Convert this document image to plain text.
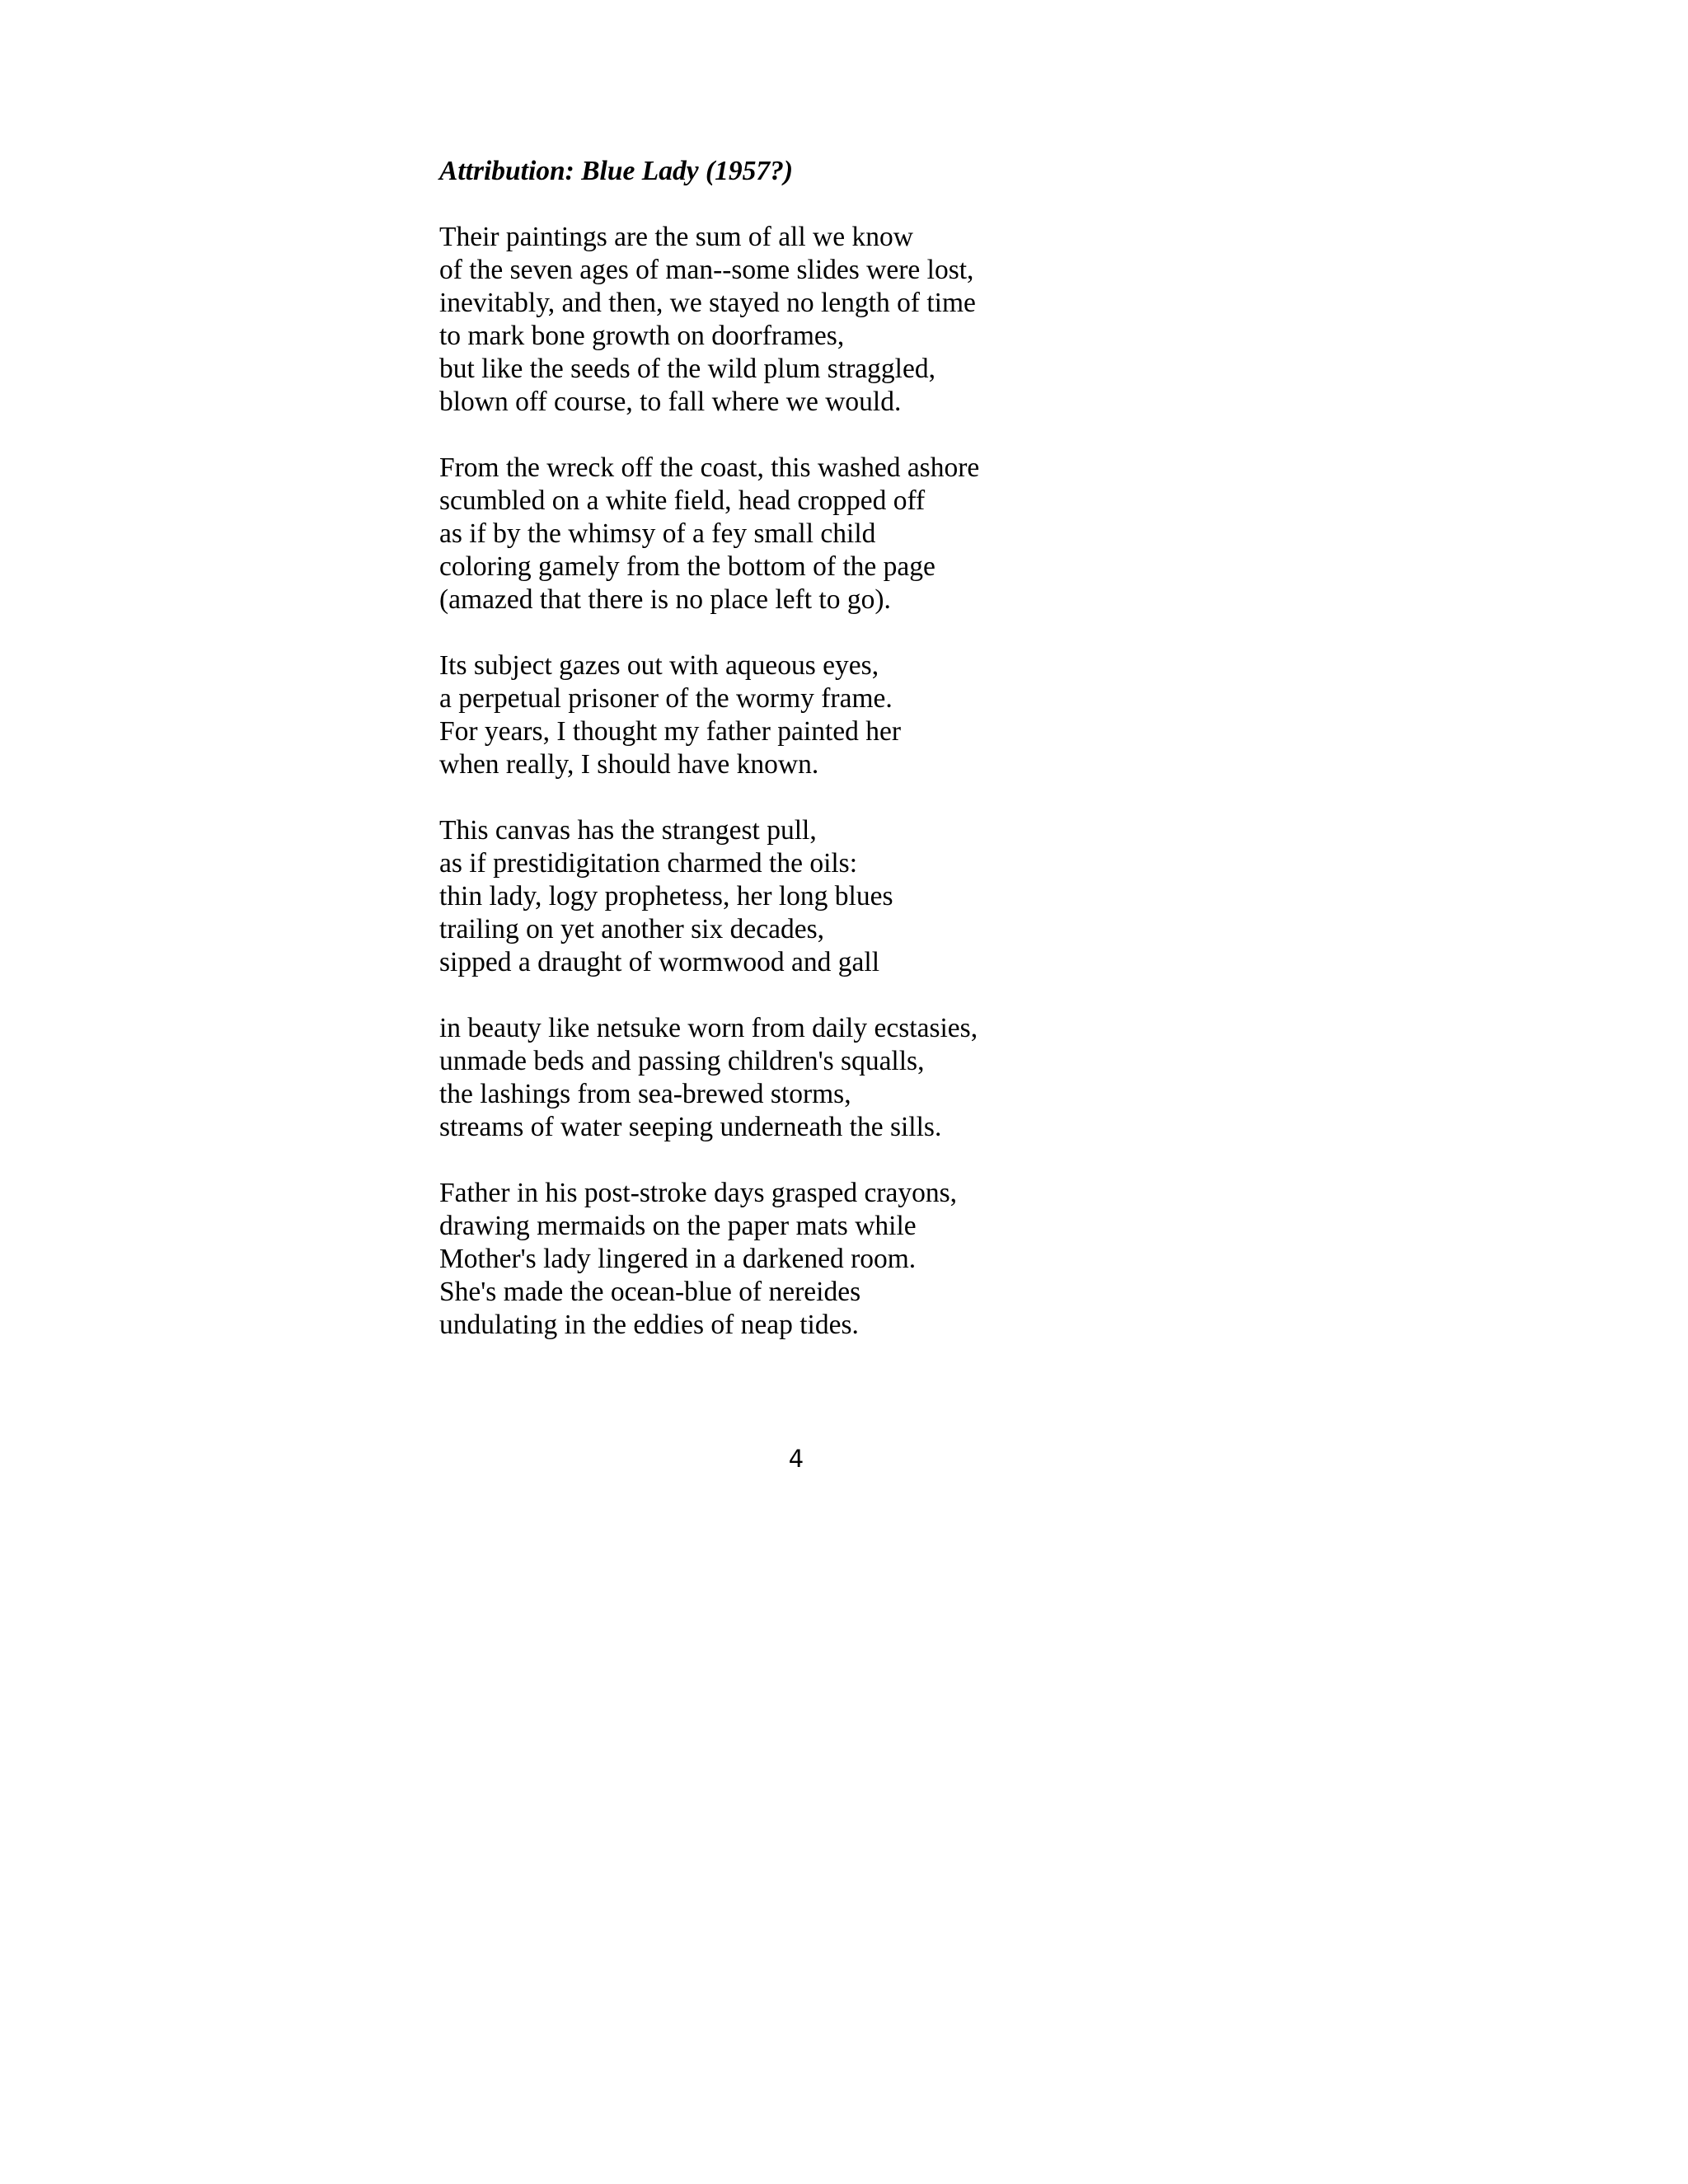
Attribution: Blue Lady (1957?)
Their paintings are the sum of all we know
of the seven ages of man--some slides were lost,
inevitably, and then, we stayed no length of time
to mark bone growth on doorframes,
but like the seeds of the wild plum straggled,
blown off course, to fall where we would.
From the wreck off the coast, this washed ashore
scumbled on a white field, head cropped off
as if by the whimsy of a fey small child
coloring gamely from the bottom of the page
(amazed that there is no place left to go).
Its subject gazes out with aqueous eyes,
a perpetual prisoner of the wormy frame.
For years, I thought my father painted her
when really, I should have known.
This canvas has the strangest pull,
as if prestidigitation charmed the oils:
thin lady, logy prophetess, her long blues
trailing on yet another six decades,
sipped a draught of wormwood and gall
in beauty like netsuke worn from daily ecstasies,
unmade beds and passing children's squalls,
the lashings from sea-brewed storms,
streams of water seeping underneath the sills.
Father in his post-stroke days grasped crayons,
drawing mermaids on the paper mats while
Mother's lady lingered in a darkened room.
She's made the ocean-blue of nereides
undulating in the eddies of neap tides.
4
